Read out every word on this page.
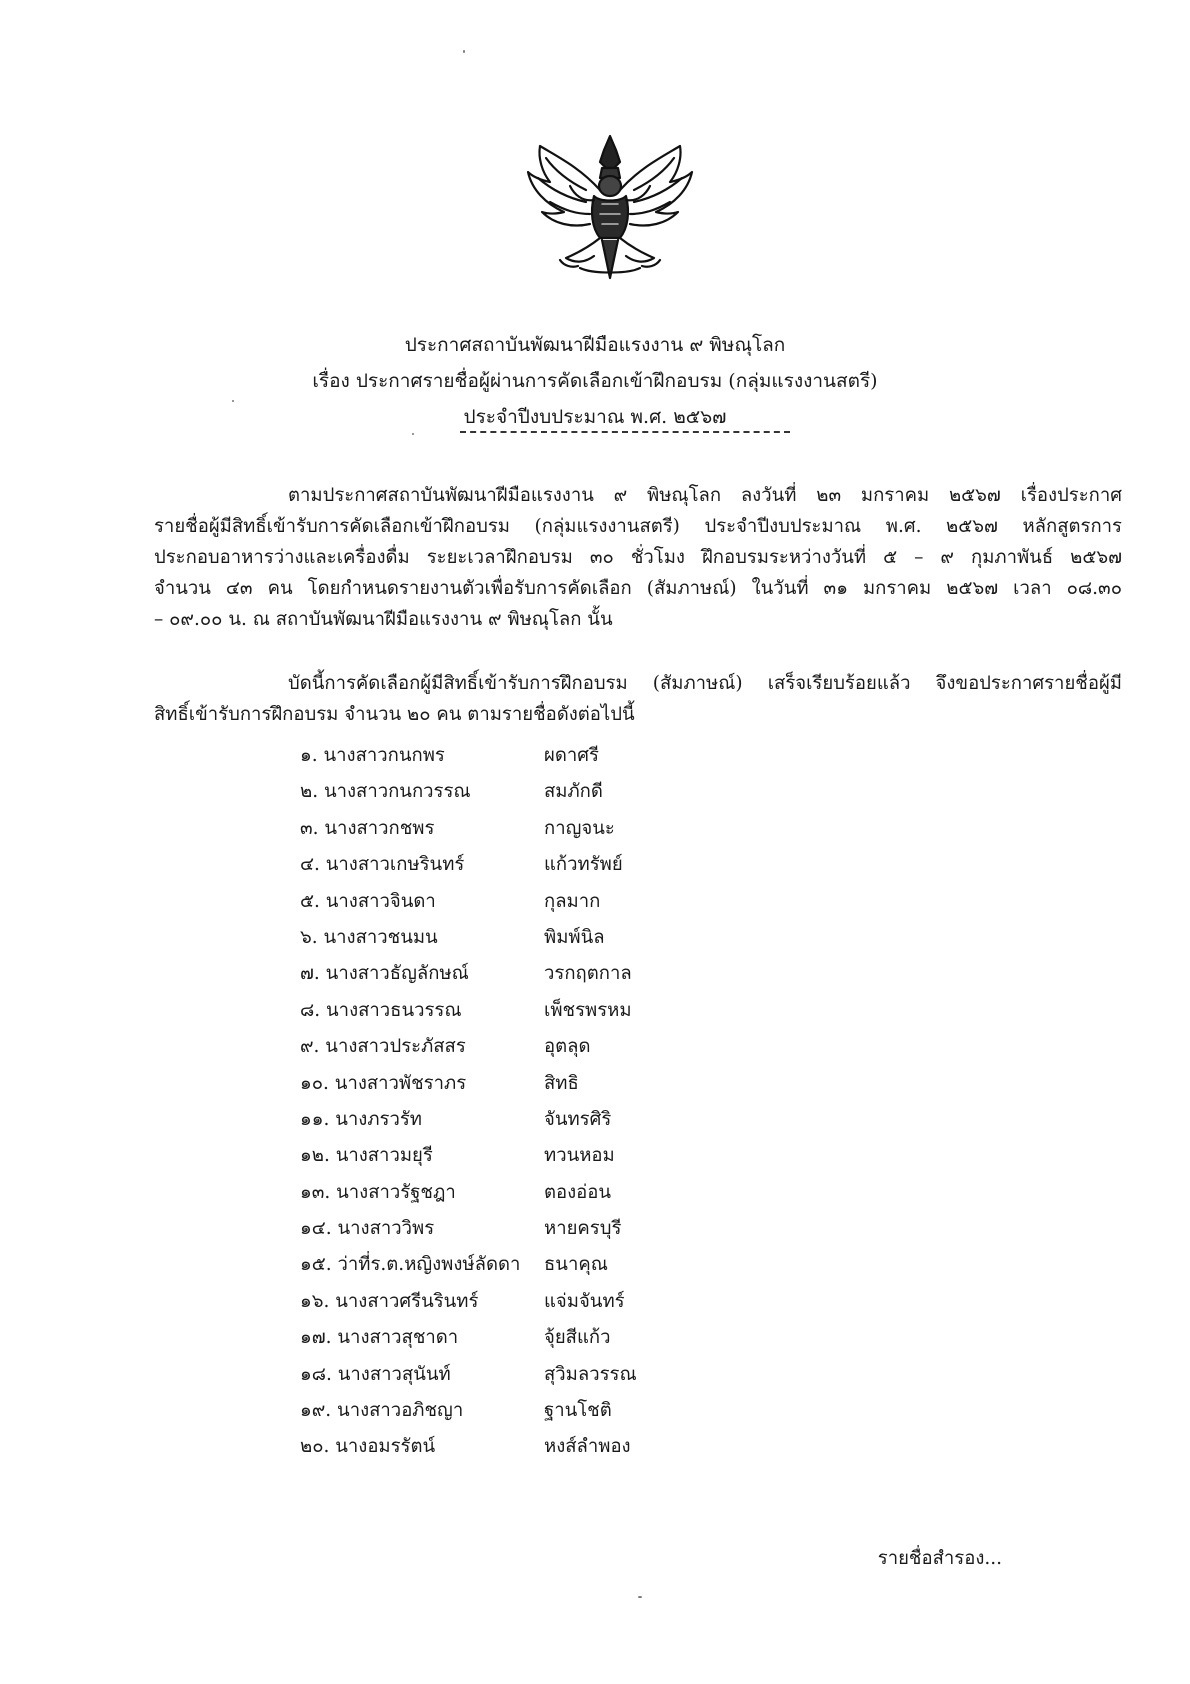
ประกาศสถาบันพัฒนาฝีมือแรงงาน ๙ พิษณุโลก
เรื่อง ประกาศรายชื่อผู้ผ่านการคัดเลือกเข้าฝึกอบรม (กลุ่มแรงงานสตรี)
ประจำปีงบประมาณ พ.ศ. ๒๕๖๗
ตามประกาศสถาบันพัฒนาฝีมือแรงงาน ๙ พิษณุโลก ลงวันที่ ๒๓ มกราคม ๒๕๖๗ เรื่องประกาศ
รายชื่อผู้มีสิทธิ์เข้ารับการคัดเลือกเข้าฝึกอบรม (กลุ่มแรงงานสตรี) ประจำปีงบประมาณ พ.ศ. ๒๕๖๗ หลักสูตรการ
ประกอบอาหารว่างและเครื่องดื่ม ระยะเวลาฝึกอบรม ๓๐ ชั่วโมง ฝึกอบรมระหว่างวันที่ ๕ – ๙ กุมภาพันธ์ ๒๕๖๗
จำนวน ๔๓ คน โดยกำหนดรายงานตัวเพื่อรับการคัดเลือก (สัมภาษณ์) ในวันที่ ๓๑ มกราคม ๒๕๖๗ เวลา ๐๘.๓๐
– ๐๙.๐๐ น. ณ สถาบันพัฒนาฝีมือแรงงาน ๙ พิษณุโลก นั้น
บัดนี้การคัดเลือกผู้มีสิทธิ์เข้ารับการฝึกอบรม (สัมภาษณ์) เสร็จเรียบร้อยแล้ว จึงขอประกาศรายชื่อผู้มี
สิทธิ์เข้ารับการฝึกอบรม จำนวน ๒๐ คน ตามรายชื่อดังต่อไปนี้
๑. นางสาวกนกพร	ผดาศรี
๒. นางสาวกนกวรรณ	สมภักดี
๓. นางสาวกชพร	กาญจนะ
๔. นางสาวเกษรินทร์	แก้วทรัพย์
๕. นางสาวจินดา	กุลมาก
๖. นางสาวชนมน	พิมพ์นิล
๗. นางสาวธัญลักษณ์	วรกฤตกาล
๘. นางสาวธนวรรณ	เพ็ชรพรหม
๙. นางสาวประภัสสร	อุตลุด
๑๐. นางสาวพัชราภร	สิทธิ
๑๑. นางภรวรัท	จันทรศิริ
๑๒. นางสาวมยุรี	ทวนหอม
๑๓. นางสาวรัฐชฎา	ตองอ่อน
๑๔. นางสาววิพร	หายครบุรี
๑๕. ว่าที่ร.ต.หญิงพงษ์ลัดดา ธนาคุณ
๑๖. นางสาวศรีนรินทร์	แจ่มจันทร์
๑๗. นางสาวสุชาดา	จุ้ยสีแก้ว
๑๘. นางสาวสุนันท์	สุวิมลวรรณ
๑๙. นางสาวอภิชญา	ฐานโชติ
๒๐. นางอมรรัตน์	หงส์ลำพอง
รายชื่อสำรอง...
